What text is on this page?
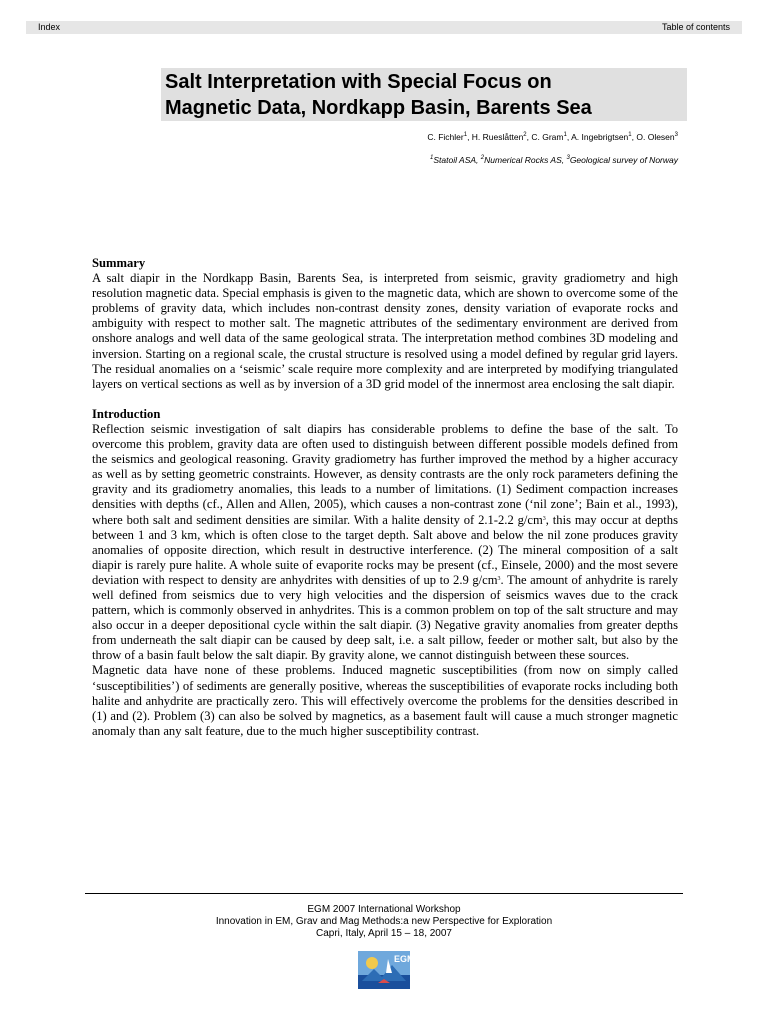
Index	Table of contents
Salt Interpretation with Special Focus on
Magnetic Data, Nordkapp Basin, Barents Sea
C. Fichler$^1$, H. Rueslåtten$^2$, C. Gram$^1$, A. Ingebrigtsen$^1$, O. Olesen$^3$
$^1$Statoil ASA, $^2$Numerical Rocks AS, $^3$Geological survey of Norway
Summary

A salt diapir in the Nordkapp Basin, Barents Sea, is interpreted from seismic, gravity gradiometry and high resolution magnetic data. Special emphasis is given to the magnetic data, which are shown to overcome some of the problems of gravity data, which includes non-contrast density zones, density variation of evaporate rocks and ambiguity with respect to mother salt. The magnetic attributes of the sedimentary environment are derived from onshore analogs and well data of the same geological strata. The interpretation method combines 3D modeling and inversion. Starting on a regional scale, the crustal structure is resolved using a model defined by regular grid layers. The residual anomalies on a ‘seismic’ scale require more complexity and are interpreted by modifying triangulated layers on vertical sections as well as by inversion of a 3D grid model of the innermost area enclosing the salt diapir.

Introduction

Reflection seismic investigation of salt diapirs has considerable problems to define the base of the salt. To overcome this problem, gravity data are often used to distinguish between different possible models defined from the seismics and geological reasoning. Gravity gradiometry has further improved the method by a higher accuracy as well as by setting geometric constraints. However, as density contrasts are the only rock parameters defining the gravity and its gradiometry anomalies, this leads to a number of limitations. (1) Sediment compaction increases densities with depths (cf., Allen and Allen, 2005), which causes a non-contrast zone (‘nil zone’; Bain et al., 1993), where both salt and sediment densities are similar. With a halite density of 2.1-2.2 $g/cm^3$, this may occur at depths between 1 and 3 km, which is often close to the target depth. Salt above and below the nil zone produces gravity anomalies of opposite direction, which result in destructive interference. (2) The mineral composition of a salt diapir is rarely pure halite. A whole suite of evaporite rocks may be present (cf., Einsele, 2000) and the most severe deviation with respect to density are anhydrites with densities of up to 2.9 $g/cm^3$. The amount of anhydrite is rarely well defined from seismics due to very high velocities and the dispersion of seismics waves due to the crack pattern, which is commonly observed in anhydrites. This is a common problem on top of the salt structure and may also occur in a deeper depositional cycle within the salt diapir. (3) Negative gravity anomalies from greater depths from underneath the salt diapir can be caused by deep salt, i.e. a salt pillow, feeder or mother salt, but also by the throw of a basin fault below the salt diapir. By gravity alone, we cannot distinguish between these sources.

Magnetic data have none of these problems. Induced magnetic susceptibilities (from now on simply called ‘susceptibilities’) of sediments are generally positive, whereas the susceptibilities of evaporate rocks including both halite and anhydrite are practically zero. This will effectively overcome the problems for the densities described in (1) and (2). Problem (3) can also be solved by magnetics, as a basement fault will cause a much stronger magnetic anomaly than any salt feature, due to the much higher susceptibility contrast.

EGM 2007 International Workshop
Innovation in EM, Grav and Mag Methods:a new Perspective for Exploration
Capri, Italy, April 15 – 18, 2007
EGM
